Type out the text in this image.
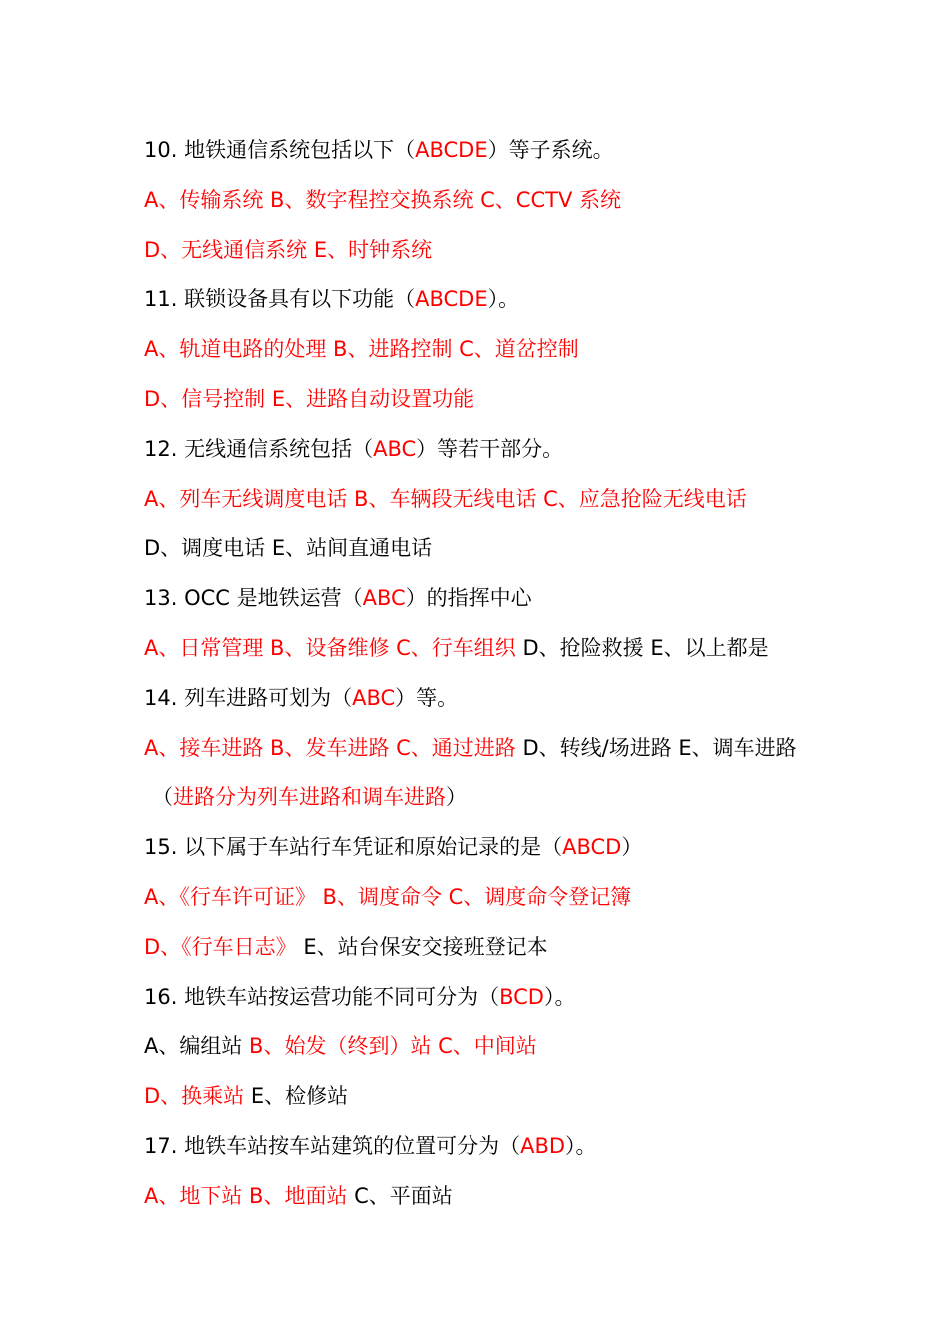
10. 地铁通信系统包括以下（ABCDE）等子系统。
A、传输系统 B、数字程控交换系统 C、CCTV 系统
D、无线通信系统 E、时钟系统
11. 联锁设备具有以下功能（ABCDE）。
A、轨道电路的处理 B、进路控制 C、道岔控制
D、信号控制 E、进路自动设置功能
12. 无线通信系统包括（ABC）等若干部分。
A、列车无线调度电话 B、车辆段无线电话 C、应急抢险无线电话
D、调度电话 E、站间直通电话
13. OCC 是地铁运营（ABC）的指挥中心
A、日常管理 B、设备维修 C、行车组织 D、抢险救援 E、以上都是
14. 列车进路可划为（ABC）等。
A、接车进路 B、发车进路 C、通过进路 D、转线/场进路 E、调车进路
（进路分为列车进路和调车进路）
15. 以下属于车站行车凭证和原始记录的是（ABCD）
A、《行车许可证》 B、调度命令 C、调度命令登记簿
D、《行车日志》 E、站台保安交接班登记本
16. 地铁车站按运营功能不同可分为（BCD）。
A、编组站 B、始发（终到）站 C、中间站
D、换乘站 E、检修站
17. 地铁车站按车站建筑的位置可分为（ABD）。
A、地下站 B、地面站 C、平面站
